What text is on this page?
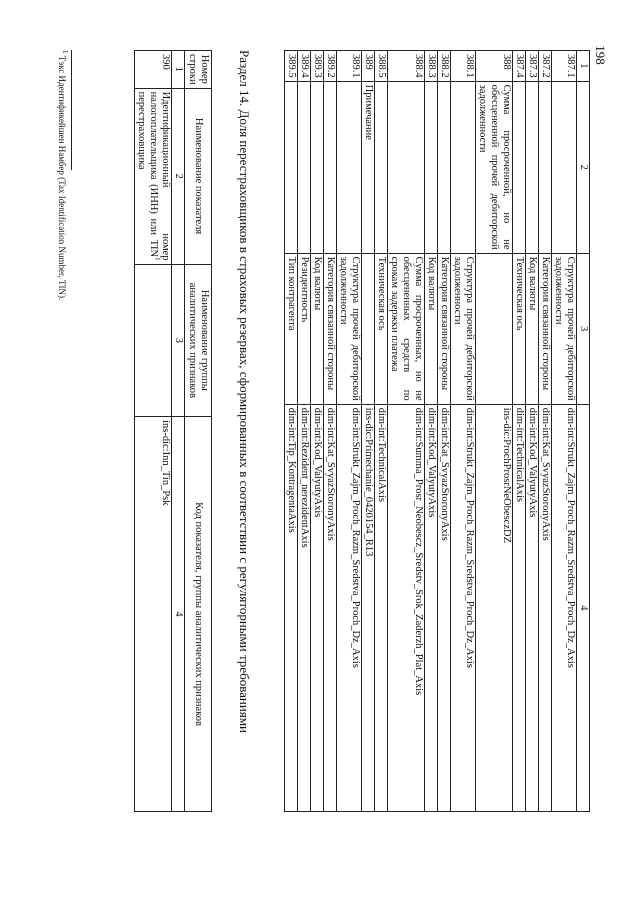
198
1	2	3	4
387.1		Структура прочей дебиторской задолженности	dim-int:Strukt_Zajm_Proch_Razm_Sredstva_Proch_Dz_Axis
387.2		Категория связанной стороны	dim-int:Kat_SvyazStoronyAxis
387.3		Код валюты	dim-int:Kod_ValyutyAxis
387.4		Техническая ось	dim-int:TechnicalAxis
388	Сумма просроченной, но не обесцененной прочей дебиторской задолженности		ins-dic:ProchProsrNeObesczDZ
388.1		Структура прочей дебиторской задолженности	dim-int:Strukt_Zajm_Proch_Razm_Sredstva_Proch_Dz_Axis
388.2		Категория связанной стороны	dim-int:Kat_SvyazStoronyAxis
388.3		Код валюты	dim-int:Kod_ValyutyAxis
388.4		Сумма просроченных, но не обесцененных средств по срокам задержки платежа	dim-int:Summa_Prosr_Neobescz_Sredstv_Srok_Zaderzh_Plat_Axis
388.5		Техническая ось	dim-int:TechnicalAxis
389	Примечание		ins-dic:Primechanie_0420154_R13
389.1		Структура прочей дебиторской задолженности	dim-int:Strukt_Zajm_Proch_Razm_Sredstva_Proch_Dz_Axis
389.2		Категория связанной стороны	dim-int:Kat_SvyazStoronyAxis
389.3		Код валюты	dim-int:Kod_ValyutyAxis
389.4		Резидентность	dim-int:Rezident_nerezidentAxis
389.5		Тип контрагента	dim-int:Tip_KontragentaAxis
Раздел 14. Доля перестраховщиков в страховых резервах, сформированных в соответствии с регуляторными требованиями
Номер строки	Наименование показателя	Наименование группы аналитических признаков	Код показателя, группы аналитических признаков
1	2	3	4
390	Идентификационный номер налогоплательщика (ИНН) или TIN$^1$ перестраховщика		ins-dic:Inn_Tin_Psk
$^1$ Тэкс Идентификейшен Намбер (Tax Identification Number, TIN).
